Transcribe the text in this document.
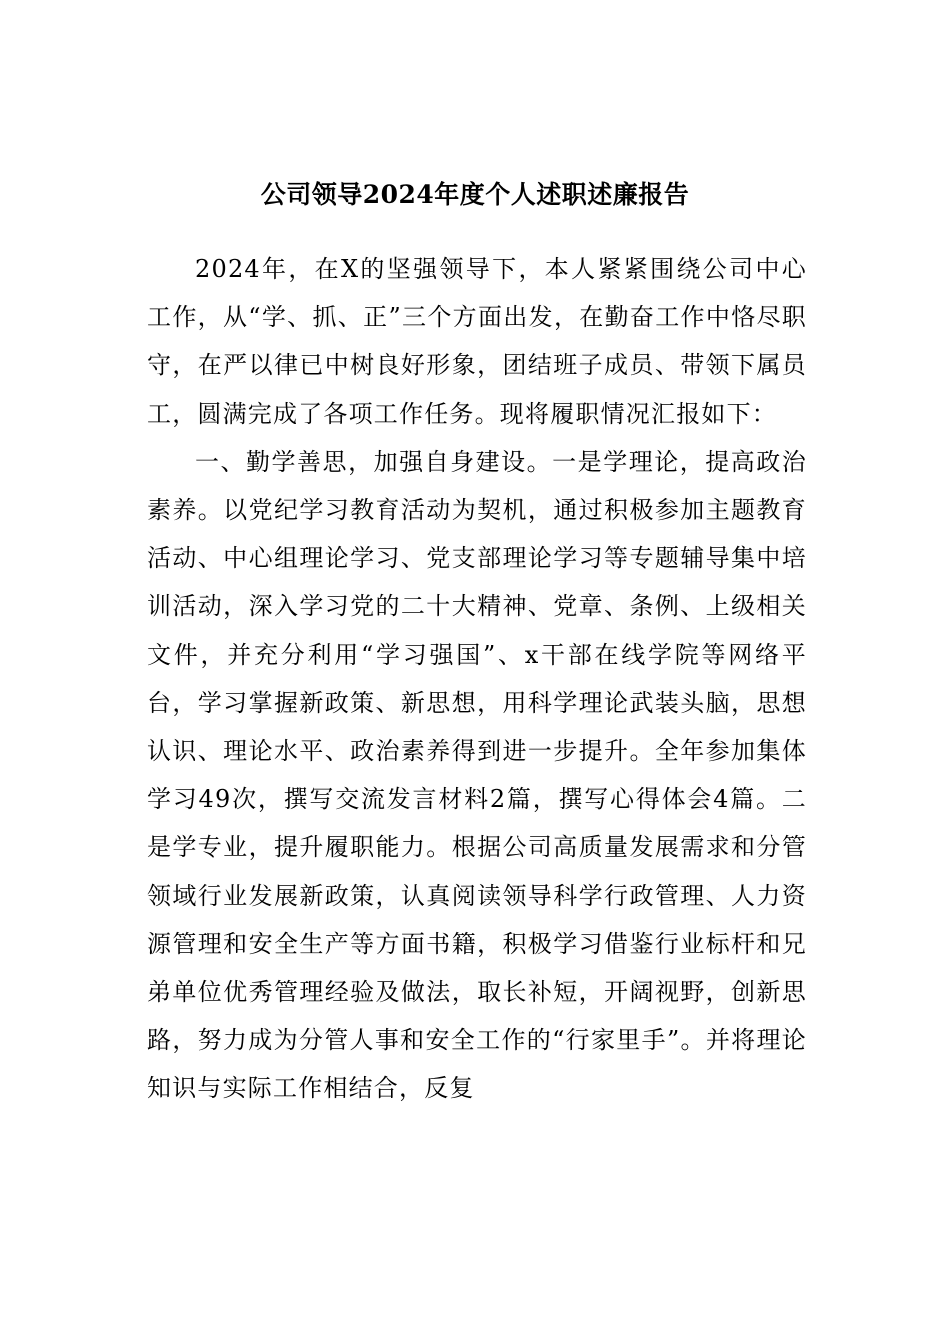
公司领导2024年度个人述职述廉报告

2024年，在X的坚强领导下，本人紧紧围绕公司中心工作，从“学、抓、正”三个方面出发，在勤奋工作中恪尽职守，在严以律已中树良好形象，团结班子成员、带领下属员工，圆满完成了各项工作任务。现将履职情况汇报如下：

一、勤学善思，加强自身建设。一是学理论，提高政治素养。以党纪学习教育活动为契机，通过积极参加主题教育活动、中心组理论学习、党支部理论学习等专题辅导集中培训活动，深入学习党的二十大精神、党章、条例、上级相关文件，并充分利用“学习强国”、x干部在线学院等网络平台，学习掌握新政策、新思想，用科学理论武装头脑，思想认识、理论水平、政治素养得到进一步提升。全年参加集体学习49次，撰写交流发言材料2篇，撰写心得体会4篇。二是学专业，提升履职能力。根据公司高质量发展需求和分管领域行业发展新政策，认真阅读领导科学行政管理、人力资源管理和安全生产等方面书籍，积极学习借鉴行业标杆和兄弟单位优秀管理经验及做法，取长补短，开阔视野，创新思路，努力成为分管人事和安全工作的“行家里手”。并将理论知识与实际工作相结合，反复
